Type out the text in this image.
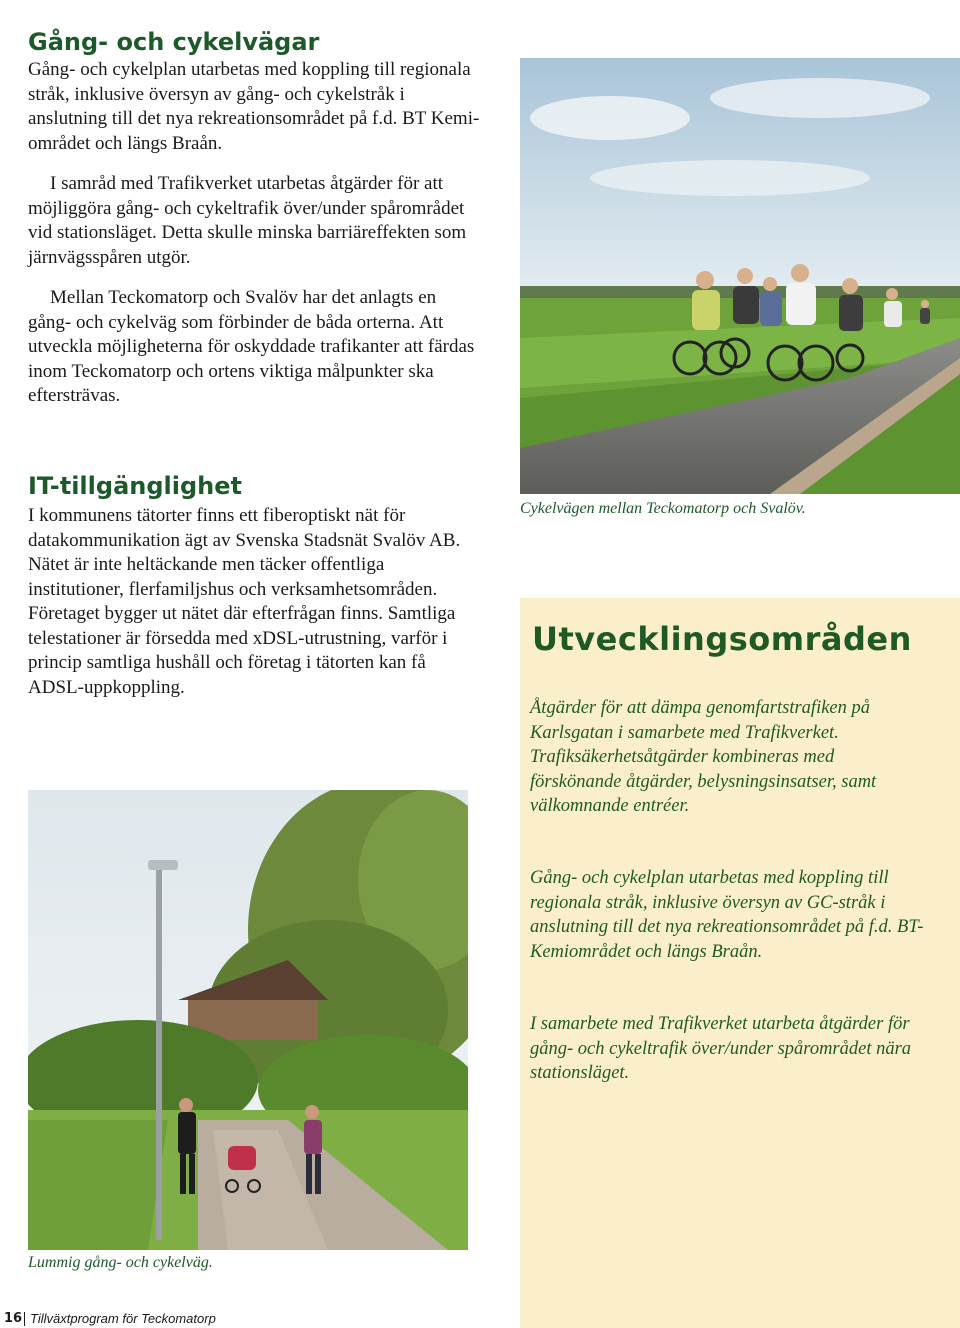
Gång- och cykelvägar

Gång- och cykelplan utarbetas med koppling till regionala stråk, inklusive översyn av gång- och cykelstråk i anslutning till det nya rekreationsområdet på f.d. BT Kemi-området och längs Braån.

I samråd med Trafikverket utarbetas åtgärder för att möjliggöra gång- och cykeltrafik över/under spårområdet vid stationsläget. Detta skulle minska barriäreffekten som järnvägsspåren utgör.

Mellan Teckomatorp och Svalöv har det anlagts en gång- och cykelväg som förbinder de båda orterna. Att utveckla möjligheterna för oskyddade trafikanter att färdas inom Teckomatorp och ortens viktiga målpunkter ska eftersträvas.

Cykelvägen mellan Teckomatorp och Svalöv.
IT-tillgänglighet

I kommunens tätorter finns ett fiberoptiskt nät för datakommunikation ägt av Svenska Stadsnät Svalöv AB. Nätet är inte heltäckande men täcker offentliga institutioner, flerfamiljshus och verksamhetsområden. Företaget bygger ut nätet där efterfrågan finns. Samtliga telestationer är försedda med xDSL-utrustning, varför i princip samtliga hushåll och företag i tätorten kan få ADSL-uppkoppling.

Lummig gång- och cykelväg.
Utvecklingsområden

Åtgärder för att dämpa genomfartstrafiken på Karlsgatan i samarbete med Trafikverket. Trafiksäkerhetsåtgärder kombineras med förskönande åtgärder, belysningsinsatser, samt välkomnande entréer.

Gång- och cykelplan utarbetas med koppling till regionala stråk, inklusive översyn av GC-stråk i anslutning till det nya rekreationsområdet på f.d. BT-Kemiområdet och längs Braån.

I samarbete med Trafikverket utarbeta åtgärder för gång- och cykeltrafik över/under spårområdet nära stationsläget.

16 Tillväxtprogram för Teckomatorp
